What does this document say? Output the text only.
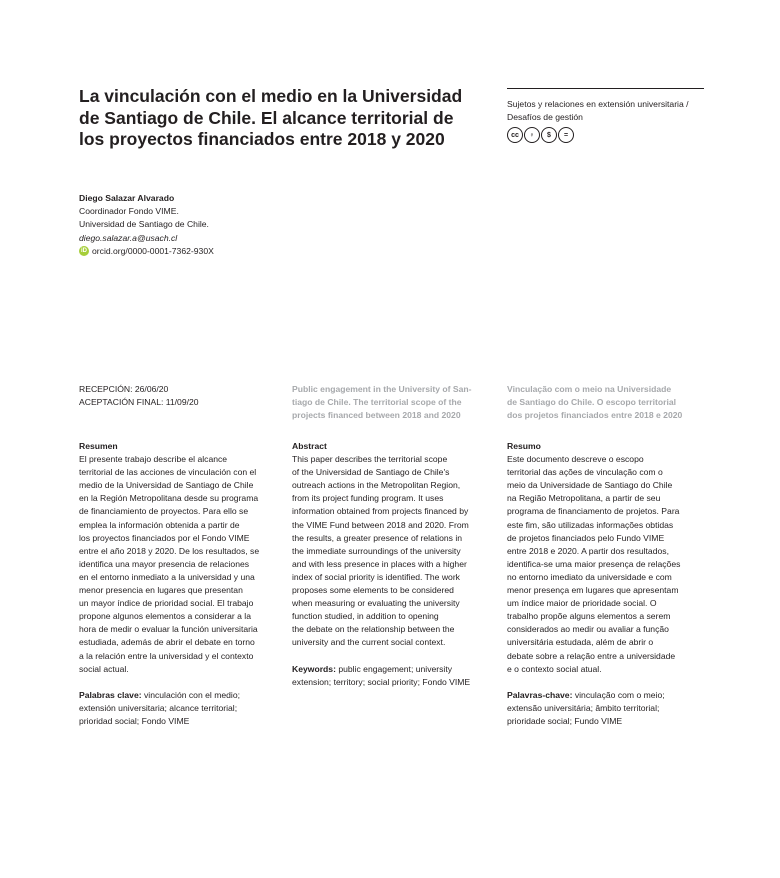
La vinculación con el medio en la Universidad de Santiago de Chile. El alcance territorial de los proyectos financiados entre 2018 y 2020
Sujetos y relaciones en extensión universitaria / Desafíos de gestión
cc	♀	$	=
Diego Salazar Alvarado
Coordinador Fondo VIME.
Universidad de Santiago de Chile.
diego.salazar.a@usach.cl
iD orcid.org/0000-0001-7362-930X
RECEPCIÓN: 26/06/20
ACEPTACIÓN FINAL: 11/09/20
Public engagement in the University of San-
tiago de Chile. The territorial scope of the
projects financed between 2018 and 2020
Vinculação com o meio na Universidade
de Santiago do Chile. O escopo territorial
dos projetos financiados entre 2018 e 2020
Resumen
El presente trabajo describe el alcance
territorial de las acciones de vinculación con el
medio de la Universidad de Santiago de Chile
en la Región Metropolitana desde su programa
de financiamiento de proyectos. Para ello se
emplea la información obtenida a partir de
los proyectos financiados por el Fondo VIME
entre el año 2018 y 2020. De los resultados, se
identifica una mayor presencia de relaciones
en el entorno inmediato a la universidad y una
menor presencia en lugares que presentan
un mayor índice de prioridad social. El trabajo
propone algunos elementos a considerar a la
hora de medir o evaluar la función universitaria
estudiada, además de abrir el debate en torno
a la relación entre la universidad y el contexto
social actual.
Palabras clave: vinculación con el medio;
extensión universitaria; alcance territorial;
prioridad social; Fondo VIME
Abstract
This paper describes the territorial scope
of the Universidad de Santiago de Chile's
outreach actions in the Metropolitan Region,
from its project funding program. It uses
information obtained from projects financed by
the VIME Fund between 2018 and 2020. From
the results, a greater presence of relations in
the immediate surroundings of the university
and with less presence in places with a higher
index of social priority is identified. The work
proposes some elements to be considered
when measuring or evaluating the university
function studied, in addition to opening
the debate on the relationship between the
university and the current social context.
Keywords: public engagement; university
extension; territory; social priority; Fondo VIME
Resumo
Este documento descreve o escopo
territorial das ações de vinculação com o
meio da Universidade de Santiago do Chile
na Região Metropolitana, a partir de seu
programa de financiamento de projetos. Para
este fim, são utilizadas informações obtidas
de projetos financiados pelo Fundo VIME
entre 2018 e 2020. A partir dos resultados,
identifica-se uma maior presença de relações
no entorno imediato da universidade e com
menor presença em lugares que apresentam
um índice maior de prioridade social. O
trabalho propõe alguns elementos a serem
considerados ao medir ou avaliar a função
universitária estudada, além de abrir o
debate sobre a relação entre a universidade
e o contexto social atual.
Palavras-chave: vinculação com o meio;
extensão universitária; âmbito territorial;
prioridade social; Fundo VIME
